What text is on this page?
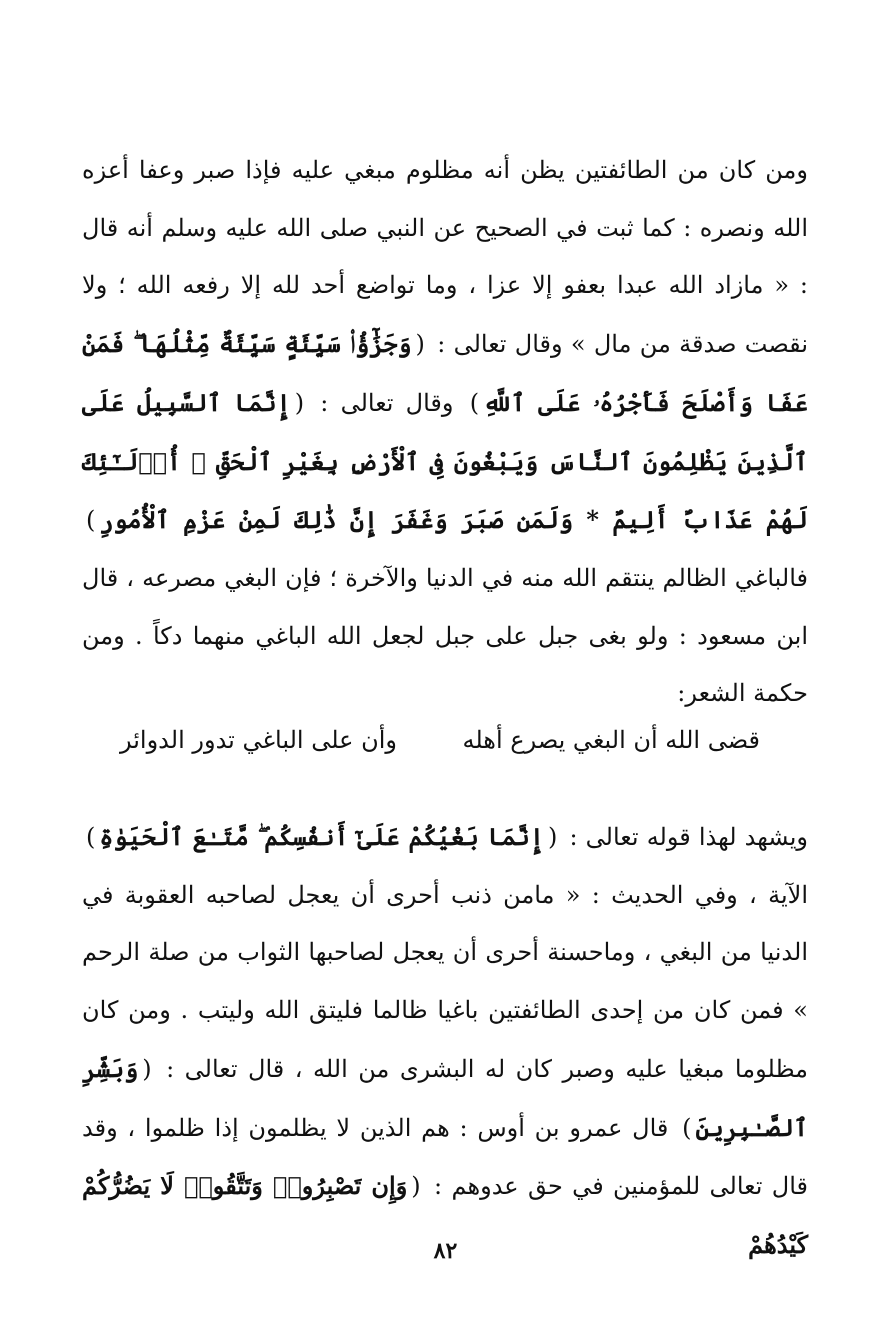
ومن كان من الطائفتين يظن أنه مظلوم مبغي عليه فإذا صبر وعفا أعزه الله ونصره : كما ثبت في الصحيح عن النبي صلى الله عليه وسلم أنه قال : « مازاد الله عبدا بعفو إلا عزا ، وما تواضع أحد لله إلا رفعه الله ؛ ولا نقصت صدقة من مال » وقال تعالى : (وَجَزَٰٓؤُا۟ سَيِّئَةٍ سَيِّئَةٌ مِّثْلُهَا ۖ فَمَنْ عَفَا وَأَصْلَحَ فَأَجْرُهُۥ عَلَى ٱللَّهِ) وقال تعالى : (إِنَّمَا ٱلسَّبِيلُ عَلَى ٱلَّذِينَ يَظْلِمُونَ ٱلنَّاسَ وَيَبْغُونَ فِى ٱلْأَرْضِ بِغَيْرِ ٱلْحَقِّ ۚ أُو۟لَـٰٓئِكَ لَهُمْ عَذَابٌ أَلِيمٌ * وَلَمَن صَبَرَ وَغَفَرَ إِنَّ ذَٰلِكَ لَمِنْ عَزْمِ ٱلْأُمُورِ) فالباغي الظالم ينتقم الله منه في الدنيا والآخرة ؛ فإن البغي مصرعه ، قال ابن مسعود : ولو بغى جبل على جبل لجعل الله الباغي منهما دكاً . ومن حكمة الشعر:

قضى الله أن البغي يصرع أهله
وأن على الباغي تدور الدوائر

ويشهد لهذا قوله تعالى : (إِنَّمَا بَغْيُكُمْ عَلَىٰٓ أَنفُسِكُم ۖ مَّتَـٰعَ ٱلْحَيَوٰةِ) الآية ، وفي الحديث : « مامن ذنب أحرى أن يعجل لصاحبه العقوبة في الدنيا من البغي ، وماحسنة أحرى أن يعجل لصاحبها الثواب من صلة الرحم » فمن كان من إحدى الطائفتين باغيا ظالما فليتق الله وليتب . ومن كان مظلوما مبغيا عليه وصبر كان له البشرى من الله ، قال تعالى : (وَبَشِّرِ ٱلصَّـٰبِرِينَ) قال عمرو بن أوس : هم الذين لا يظلمون إذا ظلموا ، وقد قال تعالى للمؤمنين في حق عدوهم : (وَإِن تَصْبِرُوا۟ وَتَتَّقُوا۟ لَا يَضُرُّكُمْ كَيْدُهُمْ

٨٢
